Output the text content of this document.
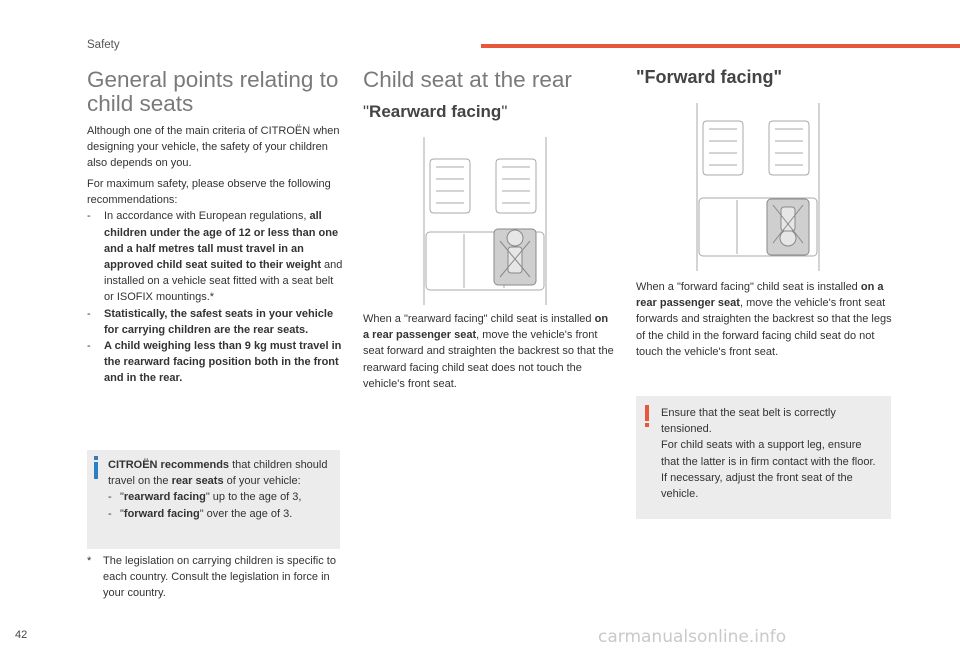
Safety
General points relating to child seats

Although one of the main criteria of CITROËN when designing your vehicle, the safety of your children also depends on you.

For maximum safety, please observe the following recommendations:
- In accordance with European regulations, all children under the age of 12 or less than one and a half metres tall must travel in an approved child seat suited to their weight and installed on a vehicle seat fitted with a seat belt or ISOFIX mountings.*
- Statistically, the safest seats in your vehicle for carrying children are the rear seats.
- A child weighing less than 9 kg must travel in the rearward facing position both in the front and in the rear.
CITROËN recommends that children should travel on the rear seats of your vehicle:
- "rearward facing" up to the age of 3,
- "forward facing" over the age of 3.
*	The legislation on carrying children is specific to each country. Consult the legislation in force in your country.
Child seat at the rear
"Rearward facing"

When a "rearward facing" child seat is installed on a rear passenger seat, move the vehicle's front seat forward and straighten the backrest so that the rearward facing child seat does not touch the vehicle's front seat.

"Forward facing"

When a "forward facing" child seat is installed on a rear passenger seat, move the vehicle's front seat forwards and straighten the backrest so that the legs of the child in the forward facing child seat do not touch the vehicle's front seat.

Ensure that the seat belt is correctly tensioned.
For child seats with a support leg, ensure that the latter is in firm contact with the floor. If necessary, adjust the front seat of the vehicle.
42	carmanualsonline.info
